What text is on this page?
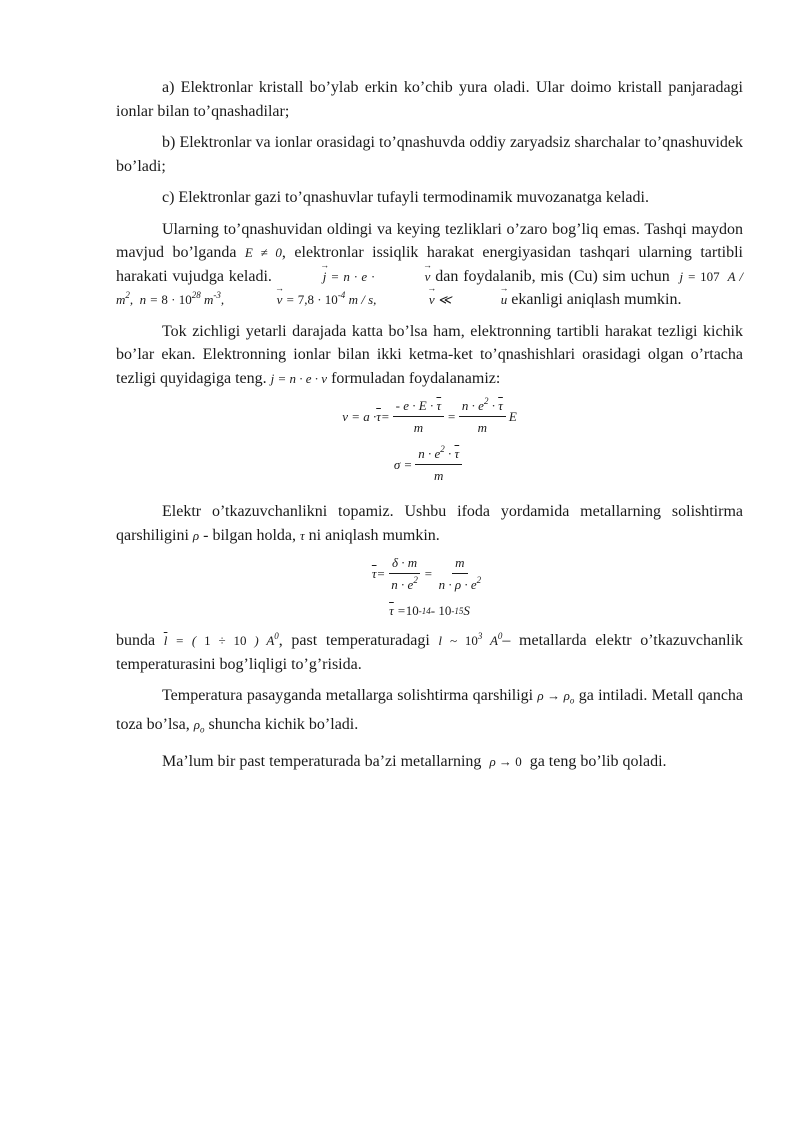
a) Elektronlar kristall bo’ylab erkin ko’chib yura oladi. Ular doimo kristall panjaradagi ionlar bilan to’qnashadilar;

b) Elektronlar va ionlar orasidagi to’qnashuvda oddiy zaryadsiz sharchalar to’qnashuvidek bo’ladi;

c) Elektronlar gazi to’qnashuvlar tufayli termodinamik muvozanatga keladi.

Ularning to’qnashuvidan oldingi va keying tezliklari o’zaro bog’liq emas. Tashqi maydon mavjud bo’lganda E ≠ 0, elektronlar issiqlik harakat energiyasidan tashqari ularning tartibli harakati vujudga keladi.	→ j = n · e ·	→ v dan foydalanib, mis (Cu) sim uchun j = 107  A / $m^2$,  $n = 8 \cdot 10^{28}$ $m^{-3}$,	→ $v = 7,8 \cdot 10^{-4}$ m / s,	→ v ≪	→ u ekanligi aniqlash mumkin.

Tok zichligi yetarli darajada katta bo’lsa ham, elektronning tartibli harakat tezligi kichik bo’lar ekan. Elektronning ionlar bilan ikki ketma-ket to’qnashishlari orasidagi olgan o’rtacha tezligi quyidagiga teng. j = n · e · v formuladan foydalanamiz:

$v = a \cdot \overline{\tau} = \frac{- e \cdot E \cdot \overline{\tau}}{m} = \frac{n \cdot e^2 \cdot \overline{\tau}}{m}$ E
$\sigma = \frac{n \cdot e^2 \cdot \overline{\tau}}{m}$

Elektr o’tkazuvchanlikni topamiz. Ushbu ifoda yordamida metallarning solishtirma qarshiligini ρ - bilgan holda, τ ni aniqlash mumkin.

$\overline{\tau} = \frac{\delta \cdot m}{n \cdot e^2} = \frac{m}{n \cdot \rho \cdot e^2}$
$\overline{\tau} = 10$ -14 - 10 -15 S

bunda $\overline{l}$ = ( 1 ÷ 10 ) $A^0$, past temperaturadagi l ~ $10^3$ $A^0-$ metallarda elektr o’tkazuvchanlik temperaturasini bog’liqligi to’g’risida.

Temperatura pasayganda metallarga solishtirma qarshiligi $\rho \to \rho_o$ ga intiladi. Metall qancha toza bo’lsa, $\rho_o$ shuncha kichik bo’ladi.

Ma’lum bir past temperaturada ba’zi metallarning ρ → 0 ga teng bo’lib qoladi.
